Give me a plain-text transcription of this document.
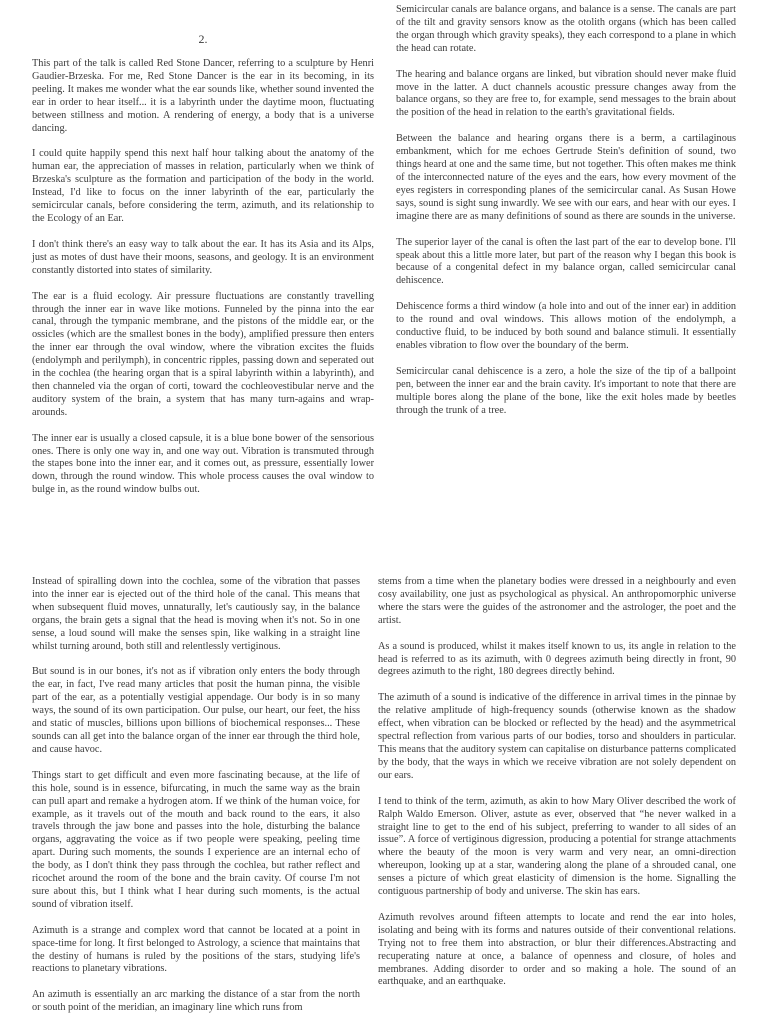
2.

This part of the talk is called Red Stone Dancer, referring to a sculpture by Henri Gaudier-Brzeska. For me, Red Stone Dancer is the ear in its becoming, in its peeling. It makes me wonder what the ear sounds like, whether sound invented the ear in order to hear itself... it is a labyrinth under the daytime moon, fluctuating between stillness and motion. A rendering of energy, a body that is a universe dancing.

I could quite happily spend this next half hour talking about the anatomy of the human ear, the appreciation of masses in relation, particularly when we think of Brzeska's sculpture as the formation and participation of the body in the world. Instead, I'd like to focus on the inner labyrinth of the ear, particularly the semicircular canals, before considering the term, azimuth, and its relationship to the Ecology of an Ear.

I don't think there's an easy way to talk about the ear. It has its Asia and its Alps, just as motes of dust have their moons, seasons, and geology. It is an environment constantly distorted into states of similarity.

The ear is a fluid ecology. Air pressure fluctuations are constantly travelling through the inner ear in wave like motions. Funneled by the pinna into the ear canal, through the tympanic membrane, and the pistons of the middle ear, or the ossicles (which are the smallest bones in the body), amplified pressure then enters the inner ear through the oval window, where the vibration excites the fluids (endolymph and perilymph), in concentric ripples, passing down and seperated out in the cochlea (the hearing organ that is a spiral labyrinth within a labyrinth), and then channeled via the organ of corti, toward the cochleovestibular nerve and the auditory system of the brain, a system that has many turn-agains and wrap-arounds.

The inner ear is usually a closed capsule, it is a blue bone bower of the sensorious ones. There is only one way in, and one way out. Vibration is transmuted through the stapes bone into the inner ear, and it comes out, as pressure, essentially lower down, through the round window. This whole process causes the oval window to bulge in, as the round window bulbs out.

Semicircular canals are balance organs, and balance is a sense. The canals are part of the tilt and gravity sensors know as the otolith organs (which has been called the organ through which gravity speaks), they each correspond to a plane in which the head can rotate.

The hearing and balance organs are linked, but vibration should never make fluid move in the latter. A duct channels acoustic pressure changes away from the balance organs, so they are free to, for example, send messages to the brain about the position of the head in relation to the earth's gravitational fields.

Between the balance and hearing organs there is a berm, a cartilaginous embankment, which for me echoes Gertrude Stein's definition of sound, two things heard at one and the same time, but not together. This often makes me think of the interconnected nature of the eyes and the ears, how every movment of the eyes registers in corresponding planes of the semicircular canal. As Susan Howe says, sound is sight sung inwardly. We see with our ears, and hear with our eyes. I imagine there are as many definitions of sound as there are sounds in the universe.

The superior layer of the canal is often the last part of the ear to develop bone. I'll speak about this a little more later, but part of the reason why I began this book is because of a congenital defect in my balance organ, called semicircular canal dehiscence.

Dehiscence forms a third window (a hole into and out of the inner ear) in addition to the round and oval windows. This allows motion of the endolymph, a conductive fluid, to be induced by both sound and balance stimuli. It essentially enables vibration to flow over the boundary of the berm.

Semicircular canal dehiscence is a zero, a hole the size of the tip of a ballpoint pen, between the inner ear and the brain cavity. It's important to note that there are multiple bores along the plane of the bone, like the exit holes made by beetles through the trunk of a tree.

Instead of spiralling down into the cochlea, some of the vibration that passes into the inner ear is ejected out of the third hole of the canal. This means that when subsequent fluid moves, unnaturally, let's cautiously say, in the balance organs, the brain gets a signal that the head is moving when it's not. So in one sense, a loud sound will make the senses spin, like walking in a straight line whilst turning around, both still and relentlessly vertiginous.

But sound is in our bones, it's not as if vibration only enters the body through the ear, in fact, I've read many articles that posit the human pinna, the visible part of the ear, as a potentially vestigial appendage. Our body is in so many ways, the sound of its own participation. Our pulse, our heart, our feet, the hiss and static of muscles, billions upon billions of biochemical responses... These sounds can all get into the balance organ of the inner ear through the third hole, and cause havoc.

Things start to get difficult and even more fascinating because, at the life of this hole, sound is in essence, bifurcating, in much the same way as the brain can pull apart and remake a hydrogen atom. If we think of the human voice, for example, as it travels out of the mouth and back round to the ears, it also travels through the jaw bone and passes into the hole, disturbing the balance organs, aggravating the voice as if two people were speaking, peeling time apart. During such moments, the sounds I experience are an internal echo of the body, as I don't think they pass through the cochlea, but rather reflect and ricochet around the room of the bone and the brain cavity. Of course I'm not sure about this, but I think what I hear during such moments, is the actual sound of vibration itself.

Azimuth is a strange and complex word that cannot be located at a point in space-time for long. It first belonged to Astrology, a science that maintains that the destiny of humans is ruled by the positions of the stars, studying life's reactions to planetary vibrations.

An azimuth is essentially an arc marking the distance of a star from the north or south point of the meridian, an imaginary line which runs from

stems from a time when the planetary bodies were dressed in a neighbourly and even cosy availability, one just as psychological as physical. An anthropomorphic universe where the stars were the guides of the astronomer and the astrologer, the poet and the artist.

As a sound is produced, whilst it makes itself known to us, its angle in relation to the head is referred to as its azimuth, with 0 degrees azimuth being directly in front, 90 degrees azimuth to the right, 180 degrees directly behind.

The azimuth of a sound is indicative of the difference in arrival times in the pinnae by the relative amplitude of high-frequency sounds (otherwise known as the shadow effect, when vibration can be blocked or reflected by the head) and the asymmetrical spectral reflection from various parts of our bodies, torso and shoulders in particular. This means that the auditory system can capitalise on disturbance patterns complicated by the body, that the ways in which we receive vibration are not solely dependent on our ears.

I tend to think of the term, azimuth, as akin to how Mary Oliver described the work of Ralph Waldo Emerson. Oliver, astute as ever, observed that “he never walked in a straight line to get to the end of his subject, preferring to wander to all sides of an issue”. A force of vertiginous digression, producing a potential for strange attachments where the beauty of the moon is very warm and very near, an omni-direction whereupon, looking up at a star, wandering along the plane of a shrouded canal, one senses a picture of which great elasticity of dimension is the home. Signalling the contiguous partnership of body and universe. The skin has ears.

Azimuth revolves around fifteen attempts to locate and rend the ear into holes, isolating and being with its forms and natures outside of their conventional relations. Trying not to free them into abstraction, or blur their differences.Abstracting and recuperating nature at once, a balance of openness and closure, of holes and membranes. Adding disorder to order and so making a hole. The sound of an earthquake, and an earthquake.
